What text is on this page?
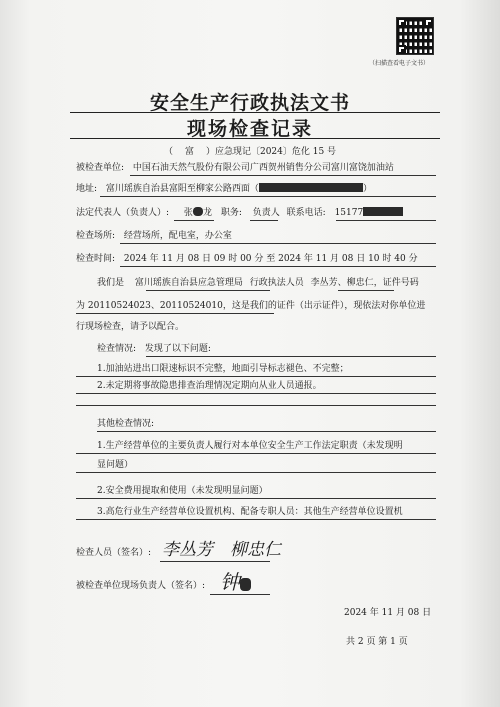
（扫描查看电子文书）
安全生产行政执法文书
现场检查记录
（ 富 ）应急现记〔2024〕危化 15 号
被检查单位: 中国石油天然气股份有限公司广西贺州销售分公司富川富饶加油站
地址: 富川瑶族自治县富阳至柳家公路西面（	）
法定代表人（负责人）: 张 龙 职务: 负责人 联系电话: 15177
检查场所: 经营场所，配电室，办公室
检查时间: 2024 年 11 月 08 日 09 时 00 分 至 2024 年 11 月 08 日 10 时 40 分
我们是 富川瑶族自治县应急管理局 行政执法人员 李丛芳、柳忠仁，证件号码
为 20110524023、20110524010，这是我们的证件（出示证件），现依法对你单位进
行现场检查，请予以配合。
检查情况: 发现了以下问题:
1.加油站进出口限速标识不完整，地面引导标志褪色、不完整；
2.未定期将事故隐患排查治理情况定期向从业人员通报。
其他检查情况:
1.生产经营单位的主要负责人履行对本单位安全生产工作法定职责（未发现明
显问题）
2.安全费用提取和使用（未发现明显问题）
3.高危行业生产经营单位设置机构、配备专职人员：其他生产经营单位设置机
检查人员（签名）: 李丛芳 柳忠仁
被检查单位现场负责人（签名）: 钟
2024 年 11 月 08 日
共 2 页 第 1 页
